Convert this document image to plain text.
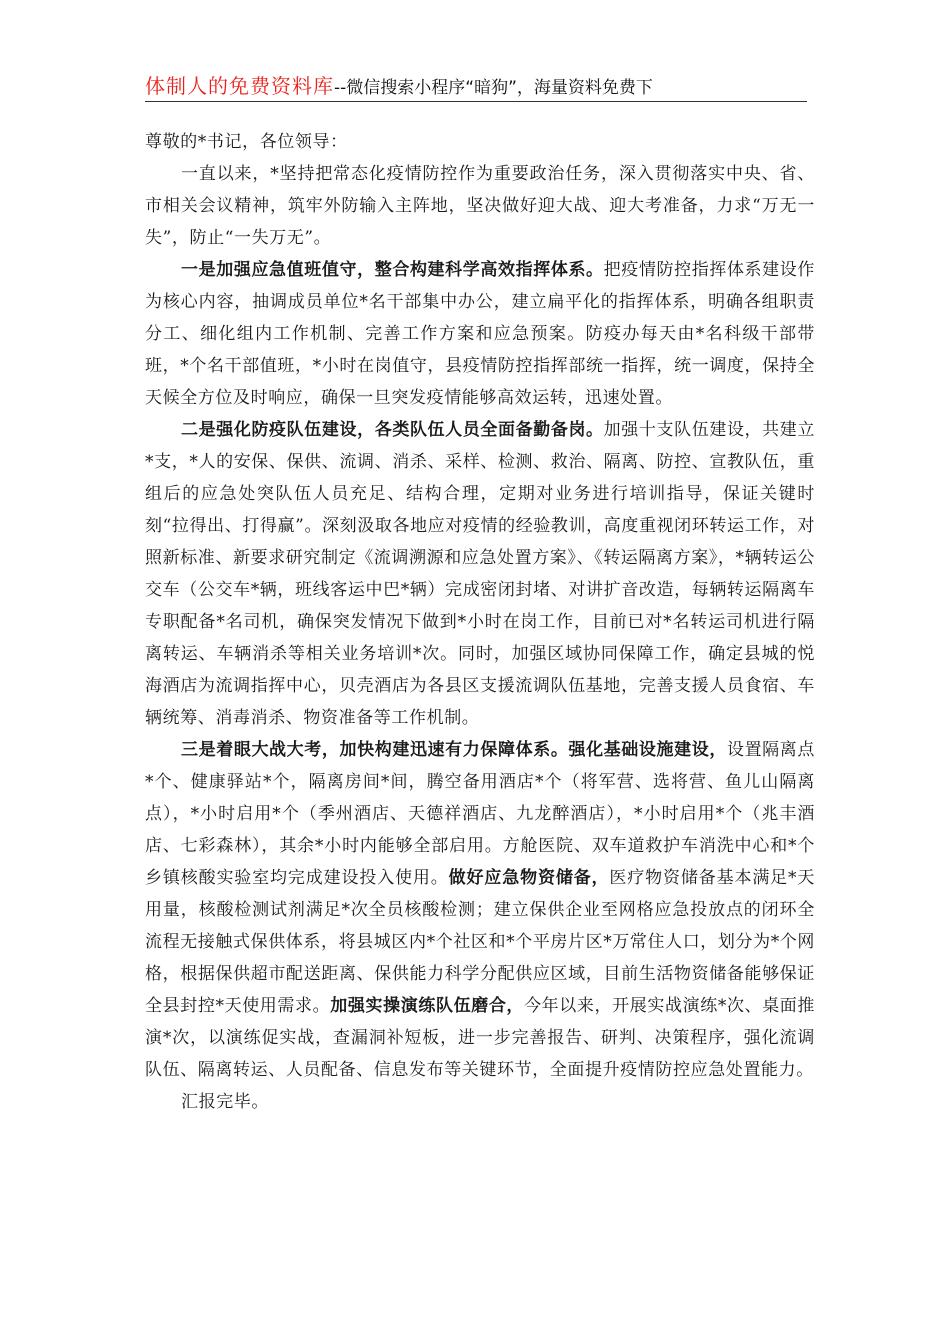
体制人的免费资料库--微信搜索小程序“暗狗”，海量资料免费下

尊敬的*书记，各位领导：

一直以来，*坚持把常态化疫情防控作为重要政治任务，深入贯彻落实中央、省、市相关会议精神，筑牢外防输入主阵地，坚决做好迎大战、迎大考准备，力求“万无一失”，防止“一失万无”。

一是加强应急值班值守，整合构建科学高效指挥体系。把疫情防控指挥体系建设作为核心内容，抽调成员单位*名干部集中办公，建立扁平化的指挥体系，明确各组职责分工、细化组内工作机制、完善工作方案和应急预案。防疫办每天由*名科级干部带班，*个名干部值班，*小时在岗值守，县疫情防控指挥部统一指挥，统一调度，保持全天候全方位及时响应，确保一旦突发疫情能够高效运转，迅速处置。

二是强化防疫队伍建设，各类队伍人员全面备勤备岗。加强十支队伍建设，共建立*支，*人的安保、保供、流调、消杀、采样、检测、救治、隔离、防控、宣教队伍，重组后的应急处突队伍人员充足、结构合理，定期对业务进行培训指导，保证关键时刻“拉得出、打得赢”。深刻汲取各地应对疫情的经验教训，高度重视闭环转运工作，对照新标准、新要求研究制定《流调溯源和应急处置方案》、《转运隔离方案》，*辆转运公交车（公交车*辆，班线客运中巴*辆）完成密闭封堵、对讲扩音改造，每辆转运隔离车专职配备*名司机，确保突发情况下做到*小时在岗工作，目前已对*名转运司机进行隔离转运、车辆消杀等相关业务培训*次。同时，加强区域协同保障工作，确定县城的悦海酒店为流调指挥中心，贝壳酒店为各县区支援流调队伍基地，完善支援人员食宿、车辆统筹、消毒消杀、物资准备等工作机制。

三是着眼大战大考，加快构建迅速有力保障体系。强化基础设施建设，设置隔离点*个、健康驿站*个，隔离房间*间，腾空备用酒店*个（将军营、选将营、鱼儿山隔离点），*小时启用*个（季州酒店、天德祥酒店、九龙醉酒店），*小时启用*个（兆丰酒店、七彩森林），其余*小时内能够全部启用。方舱医院、双车道救护车消洗中心和*个乡镇核酸实验室均完成建设投入使用。做好应急物资储备，医疗物资储备基本满足*天用量，核酸检测试剂满足*次全员核酸检测；建立保供企业至网格应急投放点的闭环全流程无接触式保供体系，将县城区内*个社区和*个平房片区*万常住人口，划分为*个网格，根据保供超市配送距离、保供能力科学分配供应区域，目前生活物资储备能够保证全县封控*天使用需求。加强实操演练队伍磨合，今年以来，开展实战演练*次、桌面推演*次，以演练促实战，查漏洞补短板，进一步完善报告、研判、决策程序，强化流调队伍、隔离转运、人员配备、信息发布等关键环节，全面提升疫情防控应急处置能力。

汇报完毕。
